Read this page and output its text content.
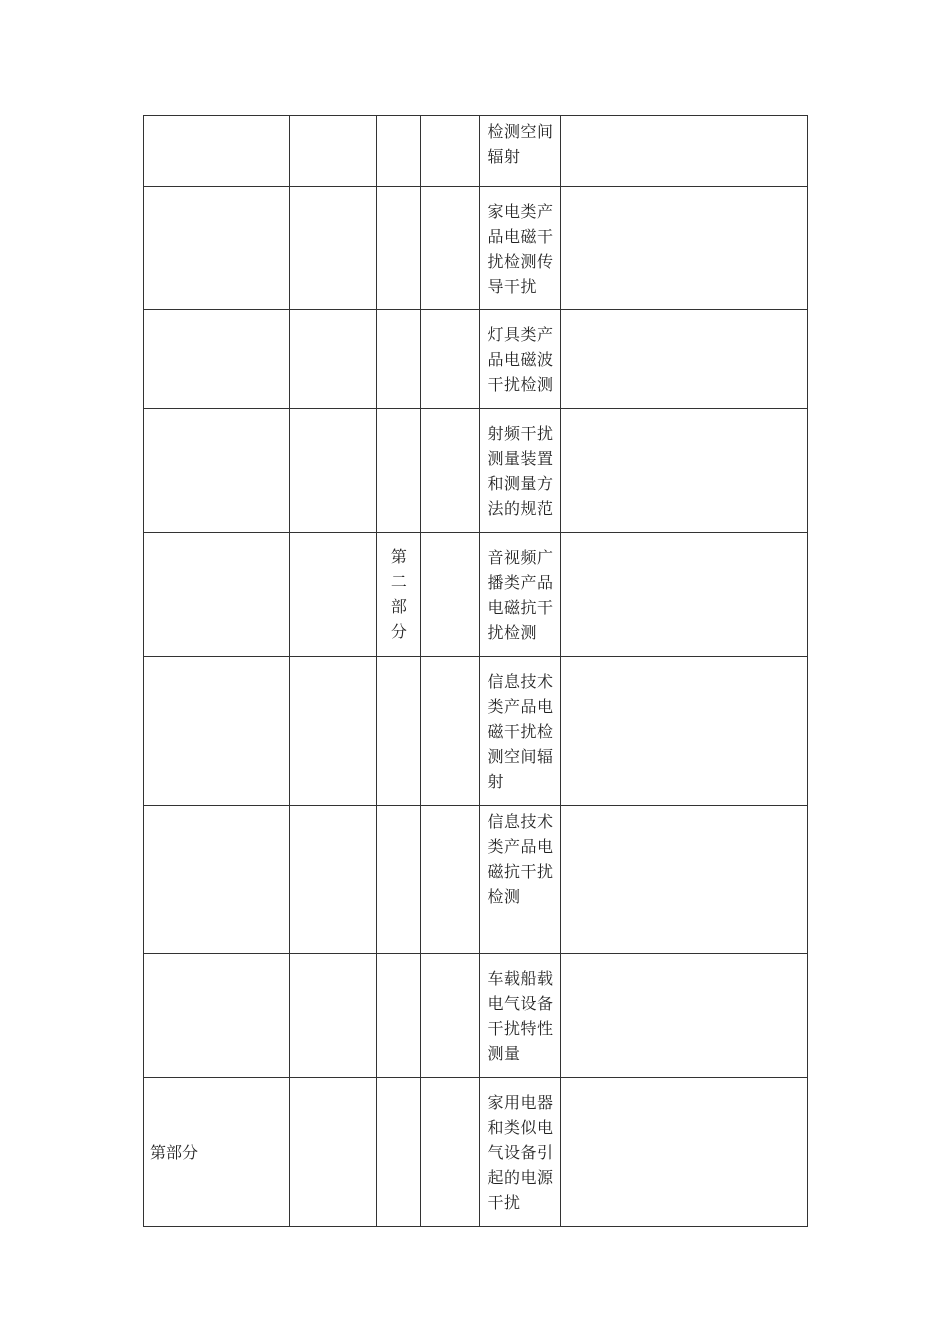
				检测空间辐射	

				家电类产品电磁干扰检测传导干扰	

				灯具类产品电磁波干扰检测	

				射频干扰测量装置和测量方法的规范	

		第二部分		音视频广播类产品电磁抗干扰检测	

				信息技术类产品电磁干扰检测空间辐射	

				信息技术类产品电磁抗干扰检测	

				车载船载电气设备干扰特性测量	

第部分				家用电器和类似电气设备引起的电源干扰	
